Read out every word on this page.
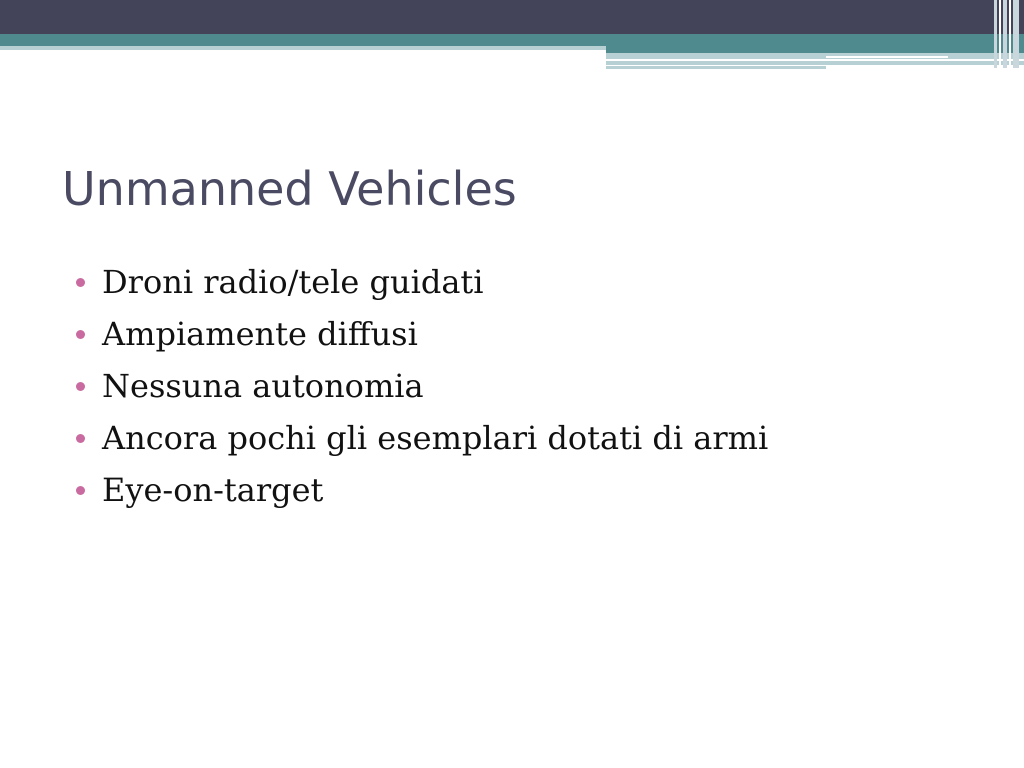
Unmanned Vehicles
Droni radio/tele guidati
Ampiamente diffusi
Nessuna autonomia
Ancora pochi gli esemplari dotati di armi
Eye-on-target
